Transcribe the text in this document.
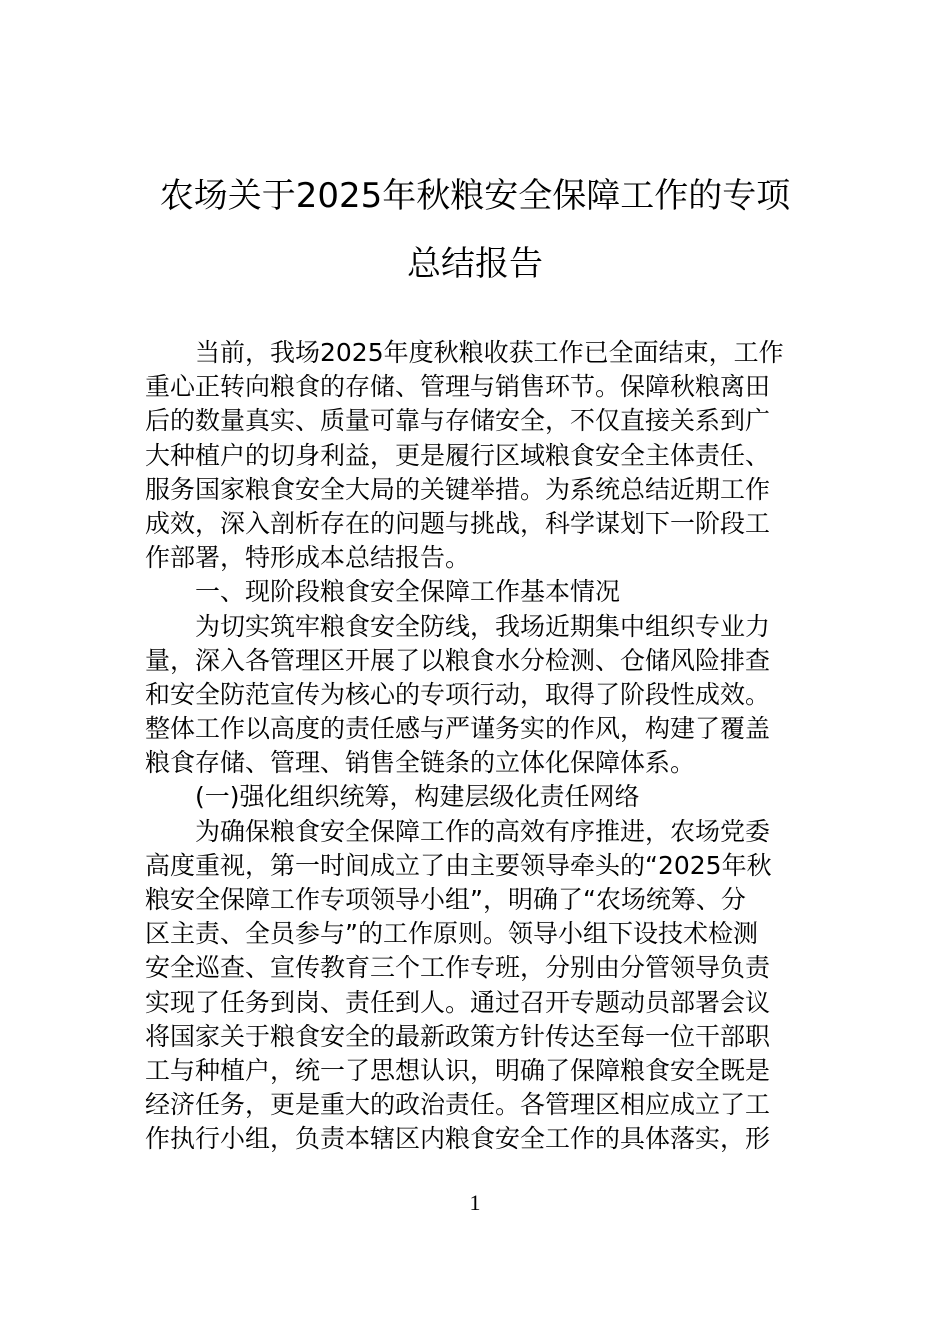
农场关于2025年秋粮安全保障工作的专项
总结报告
当前，我场2025年度秋粮收获工作已全面结束，工作
重心正转向粮食的存储、管理与销售环节。保障秋粮离田
后的数量真实、质量可靠与存储安全，不仅直接关系到广
大种植户的切身利益，更是履行区域粮食安全主体责任、
服务国家粮食安全大局的关键举措。为系统总结近期工作
成效，深入剖析存在的问题与挑战，科学谋划下一阶段工
作部署，特形成本总结报告。
一、现阶段粮食安全保障工作基本情况
为切实筑牢粮食安全防线，我场近期集中组织专业力
量，深入各管理区开展了以粮食水分检测、仓储风险排查
和安全防范宣传为核心的专项行动，取得了阶段性成效。
整体工作以高度的责任感与严谨务实的作风，构建了覆盖
粮食存储、管理、销售全链条的立体化保障体系。
(一)强化组织统筹，构建层级化责任网络
为确保粮食安全保障工作的高效有序推进，农场党委
高度重视，第一时间成立了由主要领导牵头的“2025年秋
粮安全保障工作专项领导小组”，明确了“农场统筹、分
区主责、全员参与”的工作原则。领导小组下设技术检测
安全巡查、宣传教育三个工作专班，分别由分管领导负责
实现了任务到岗、责任到人。通过召开专题动员部署会议
将国家关于粮食安全的最新政策方针传达至每一位干部职
工与种植户，统一了思想认识，明确了保障粮食安全既是
经济任务，更是重大的政治责任。各管理区相应成立了工
作执行小组，负责本辖区内粮食安全工作的具体落实，形
1
